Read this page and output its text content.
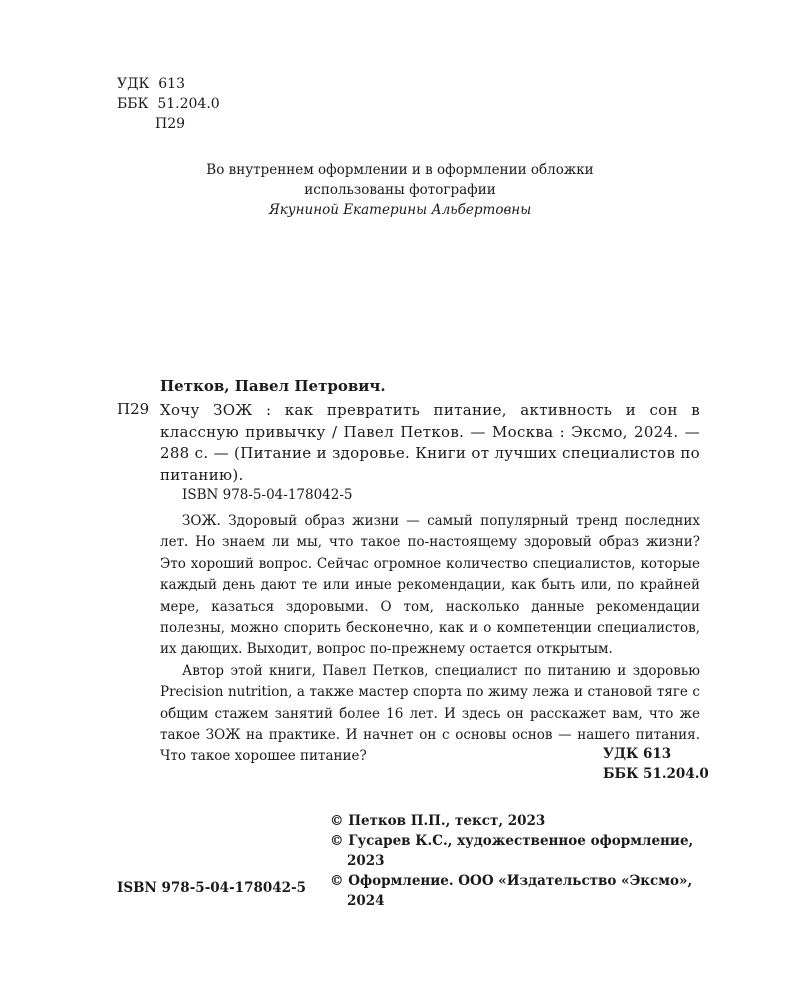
УДК 613
ББК 51.204.0
П29
Во внутреннем оформлении и в оформлении обложки
использованы фотографии
Якуниной Екатерины Альбертовны
Петков, Павел Петрович.
П29 Хочу ЗОЖ : как превратить питание, активность и сон в классную привычку / Павел Петков. — Москва : Эксмо, 2024. — 288 с. — (Питание и здоровье. Книги от лучших специалистов по питанию).
ISBN 978-5-04-178042-5

ЗОЖ. Здоровый образ жизни — самый популярный тренд последних лет. Но знаем ли мы, что такое по-настоящему здоровый образ жизни? Это хороший вопрос. Сейчас огромное количество специалистов, которые каждый день дают те или иные рекомендации, как быть или, по крайней мере, казаться здоровыми. О том, насколько данные рекомендации полезны, можно спорить бесконечно, как и о компетенции специалистов, их дающих. Выходит, вопрос по-прежнему остается открытым.

Автор этой книги, Павел Петков, специалист по питанию и здоровью Precision nutrition, а также мастер спорта по жиму лежа и становой тяге с общим стажем занятий более 16 лет. И здесь он расскажет вам, что же такое ЗОЖ на практике. И начнет он с основы основ — нашего питания. Что такое хорошее питание?	УДК 613
ББК 51.204.0
© Петков П.П., текст, 2023
© Гусарев К.С., художественное оформление, 2023
© Оформление. ООО «Издательство «Эксмо», 2024
ISBN 978-5-04-178042-5
